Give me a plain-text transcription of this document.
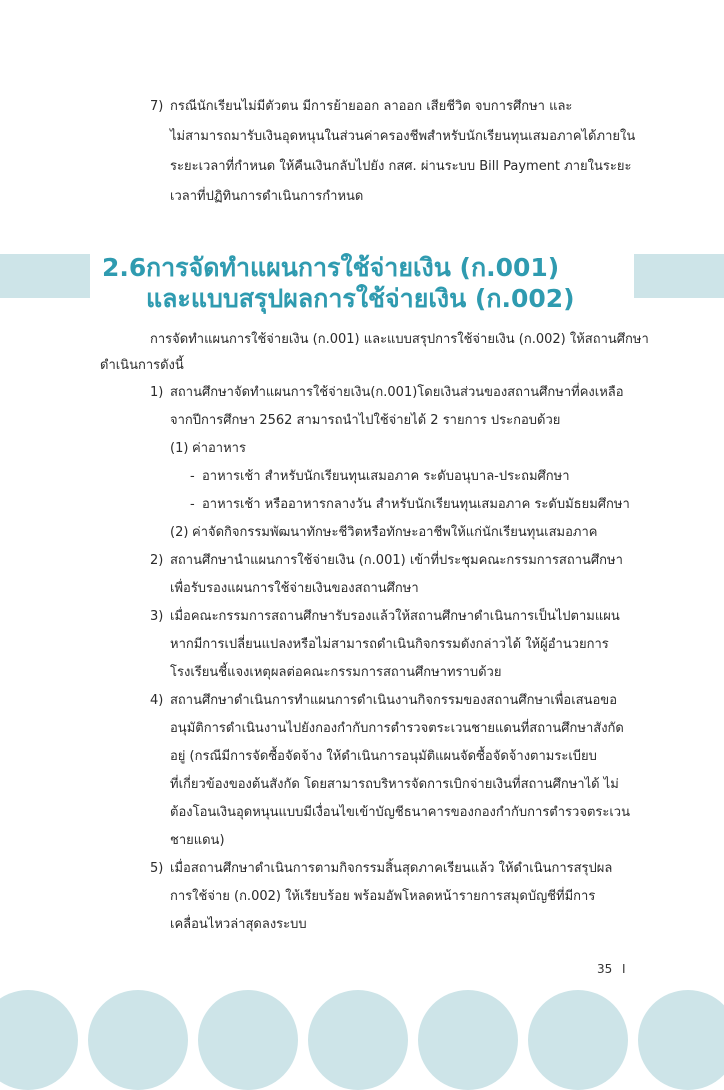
7) กรณีนักเรียนไม่มีตัวตน มีการย้ายออก ลาออก เสียชีวิต จบการศึกษา และ
ไม่สามารถมารับเงินอุดหนุนในส่วนค่าครองชีพสำหรับนักเรียนทุนเสมอภาคได้ภายใน
ระยะเวลาที่กำหนด ให้คืนเงินกลับไปยัง กสศ. ผ่านระบบ Bill Payment ภายในระยะ
เวลาที่ปฏิทินการดำเนินการกำหนด
2.6 การจัดทำแผนการใช้จ่ายเงิน (ก.001)
และแบบสรุปผลการใช้จ่ายเงิน (ก.002)
การจัดทำแผนการใช้จ่ายเงิน (ก.001) และแบบสรุปการใช้จ่ายเงิน (ก.002) ให้สถานศึกษา
ดำเนินการดังนี้
1) สถานศึกษาจัดทำแผนการใช้จ่ายเงิน(ก.001)โดยเงินส่วนของสถานศึกษาที่คงเหลือ
จากปีการศึกษา 2562 สามารถนำไปใช้จ่ายได้ 2 รายการ ประกอบด้วย
(1) ค่าอาหาร
- อาหารเช้า สำหรับนักเรียนทุนเสมอภาค ระดับอนุบาล-ประถมศึกษา
- อาหารเช้า หรืออาหารกลางวัน สำหรับนักเรียนทุนเสมอภาค ระดับมัธยมศึกษา
(2) ค่าจัดกิจกรรมพัฒนาทักษะชีวิตหรือทักษะอาชีพให้แก่นักเรียนทุนเสมอภาค
2) สถานศึกษานำแผนการใช้จ่ายเงิน (ก.001) เข้าที่ประชุมคณะกรรมการสถานศึกษา
เพื่อรับรองแผนการใช้จ่ายเงินของสถานศึกษา
3) เมื่อคณะกรรมการสถานศึกษารับรองแล้วให้สถานศึกษาดำเนินการเป็นไปตามแผน
หากมีการเปลี่ยนแปลงหรือไม่สามารถดำเนินกิจกรรมดังกล่าวได้ ให้ผู้อำนวยการ
โรงเรียนชี้แจงเหตุผลต่อคณะกรรมการสถานศึกษาทราบด้วย
4) สถานศึกษาดำเนินการทำแผนการดำเนินงานกิจกรรมของสถานศึกษาเพื่อเสนอขอ
อนุมัติการดำเนินงานไปยังกองกำกับการตำรวจตระเวนชายแดนที่สถานศึกษาสังกัด
อยู่ (กรณีมีการจัดซื้อจัดจ้าง ให้ดำเนินการอนุมัติแผนจัดซื้อจัดจ้างตามระเบียบ
ที่เกี่ยวข้องของต้นสังกัด โดยสามารถบริหารจัดการเบิกจ่ายเงินที่สถานศึกษาได้ ไม่
ต้องโอนเงินอุดหนุนแบบมีเงื่อนไขเข้าบัญชีธนาคารของกองกำกับการตำรวจตระเวน
ชายแดน)
5) เมื่อสถานศึกษาดำเนินการตามกิจกรรมสิ้นสุดภาคเรียนแล้ว ให้ดำเนินการสรุปผล
การใช้จ่าย (ก.002) ให้เรียบร้อย พร้อมอัพโหลดหน้ารายการสมุดบัญชีที่มีการ
เคลื่อนไหวล่าสุดลงระบบ
35 I
